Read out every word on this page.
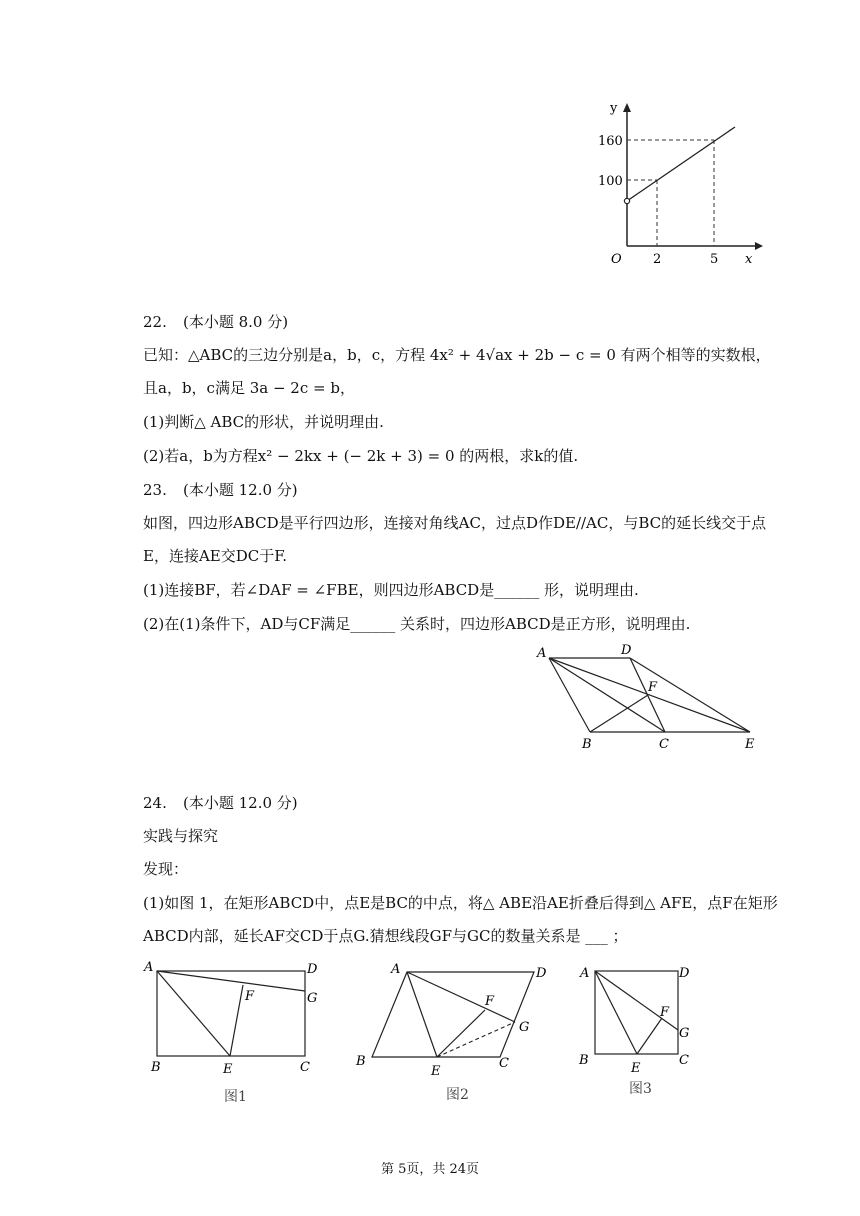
y
x
O
160
100
2	5
22. (本小题 8.0 分)
已知：△ABC的三边分别是a，b，c，方程 4x² + 4√ax + 2b − c = 0 有两个相等的实数根，
且a，b，c满足 3a − 2c = b，
(1)判断△ ABC的形状，并说明理由.
(2)若a，b为方程x² − 2kx + (− 2k + 3) = 0 的两根，求k的值.
23. (本小题 12.0 分)
如图，四边形ABCD是平行四边形，连接对角线AC，过点D作DE//AC，与BC的延长线交于点
E，连接AE交DC于F.
(1)连接BF，若∠DAF = ∠FBE，则四边形ABCD是______ 形，说明理由.
(2)在(1)条件下，AD与CF满足______ 关系时，四边形ABCD是正方形，说明理由.
A	D
F
B	C	E
24. (本小题 12.0 分)
实践与探究
发现：
(1)如图 1，在矩形ABCD中，点E是BC的中点，将△ ABE沿AE折叠后得到△ AFE，点F在矩形
ABCD内部，延长AF交CD于点G.猜想线段GF与GC的数量关系是 ___ ；
A	D
F	G
B	E	C
图1
A	D
F
G
B
E
C
图2
A	D
F
G
B
E
C
图3
第 5页，共 24页
